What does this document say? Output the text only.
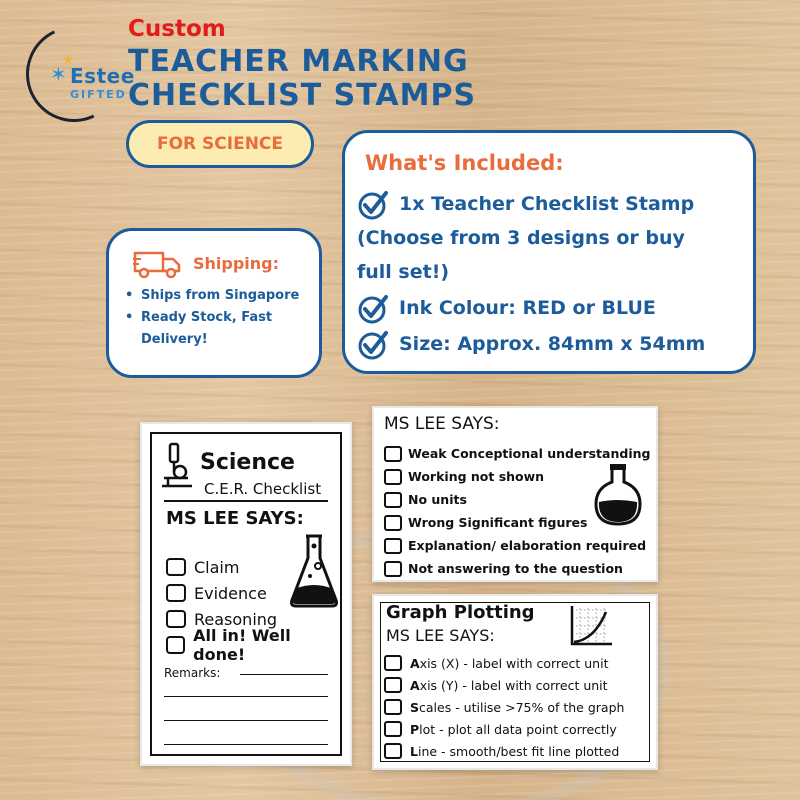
★
✶ Estee
GIFTED
Custom
TEACHER MARKING
CHECKLIST STAMPS
FOR SCIENCE
What's Included:
1x Teacher Checklist Stamp
(Choose from 3 designs or buy
full set!)
Ink Colour: RED or BLUE
Size: Approx. 84mm x 54mm
Shipping:
• Ships from Singapore
• Ready Stock, Fast Delivery!
Science
C.E.R. Checklist
MS LEE SAYS:
Claim
Evidence
Reasoning
All in! Well done!
Remarks:
MS LEE SAYS:
Weak Conceptional understanding
Working not shown
No units
Wrong Significant figures
Explanation/ elaboration required
Not answering to the question
Graph Plotting
MS LEE SAYS:
Axis (X) - label with correct unit
Axis (Y) - label with correct unit
Scales - utilise >75% of the graph
Plot - plot all data point correctly
Line - smooth/best fit line plotted
